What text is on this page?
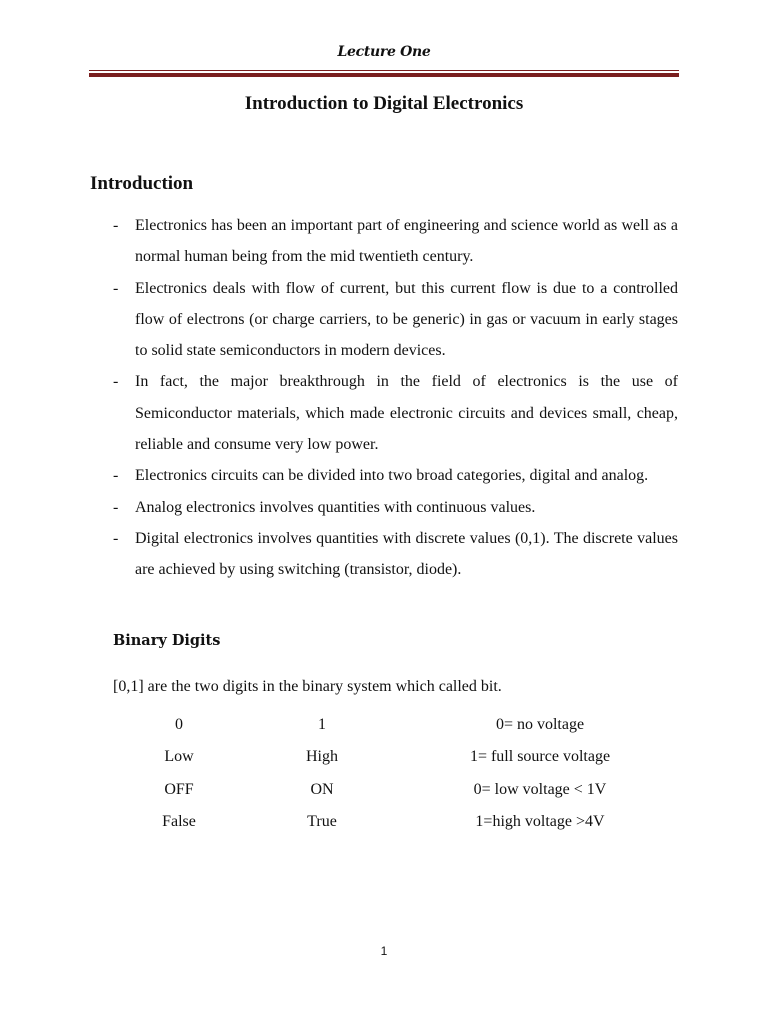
Lecture One
Introduction to Digital Electronics
Introduction
- Electronics has been an important part of engineering and science world as well as a normal human being from the mid twentieth century.
- Electronics deals with flow of current, but this current flow is due to a controlled flow of electrons (or charge carriers, to be generic) in gas or vacuum in early stages to solid state semiconductors in modern devices.
- In fact, the major breakthrough in the field of electronics is the use of Semiconductor materials, which made electronic circuits and devices small, cheap, reliable and consume very low power.
- Electronics circuits can be divided into two broad categories, digital and analog.
- Analog electronics involves quantities with continuous values.
- Digital electronics involves quantities with discrete values (0,1). The discrete values are achieved by using switching (transistor, diode).
Binary Digits
[0,1] are the two digits in the binary system which called bit.
0	1	0= no voltage
Low	High	1= full source voltage
OFF	ON	0= low voltage < 1V
False	True	1=high voltage >4V
1
